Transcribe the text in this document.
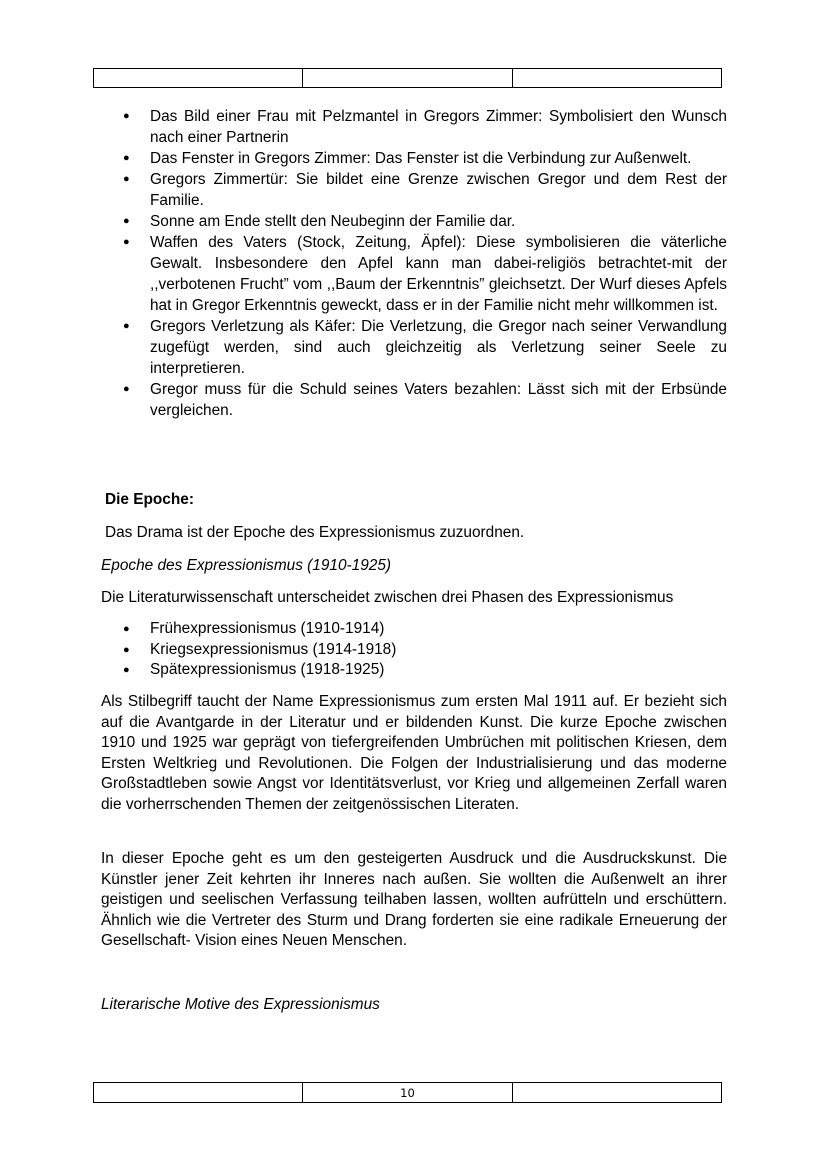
● Das Bild einer Frau mit Pelzmantel in Gregors Zimmer: Symbolisiert den Wunsch nach einer Partnerin
● Das Fenster in Gregors Zimmer: Das Fenster ist die Verbindung zur Außenwelt.
● Gregors Zimmertür: Sie bildet eine Grenze zwischen Gregor und dem Rest der Familie.
● Sonne am Ende stellt den Neubeginn der Familie dar.
● Waffen des Vaters (Stock, Zeitung, Äpfel): Diese symbolisieren die väterliche Gewalt. Insbesondere den Apfel kann man dabei-religiös betrachtet-mit der ,,verbotenen Frucht” vom ,,Baum der Erkenntnis” gleichsetzt. Der Wurf dieses Apfels hat in Gregor Erkenntnis geweckt, dass er in der Familie nicht mehr willkommen ist.
● Gregors Verletzung als Käfer: Die Verletzung, die Gregor nach seiner Verwandlung zugefügt werden, sind auch gleichzeitig als Verletzung seiner Seele zu interpretieren.
● Gregor muss für die Schuld seines Vaters bezahlen: Lässt sich mit der Erbsünde vergleichen.
Die Epoche:
Das Drama ist der Epoche des Expressionismus zuzuordnen.
Epoche des Expressionismus (1910-1925)
Die Literaturwissenschaft unterscheidet zwischen drei Phasen des Expressionismus
● Frühexpressionismus (1910-1914)
● Kriegsexpressionismus (1914-1918)
● Spätexpressionismus (1918-1925)
Als Stilbegriff taucht der Name Expressionismus zum ersten Mal 1911 auf. Er bezieht sich auf die Avantgarde in der Literatur und er bildenden Kunst. Die kurze Epoche zwischen 1910 und 1925 war geprägt von tiefergreifenden Umbrüchen mit politischen Kriesen, dem Ersten Weltkrieg und Revolutionen. Die Folgen der Industrialisierung und das moderne Großstadtleben sowie Angst vor Identitätsverlust, vor Krieg und allgemeinen Zerfall waren die vorherrschenden Themen der zeitgenössischen Literaten.
In dieser Epoche geht es um den gesteigerten Ausdruck und die Ausdruckskunst. Die Künstler jener Zeit kehrten ihr Inneres nach außen. Sie wollten die Außenwelt an ihrer geistigen und seelischen Verfassung teilhaben lassen, wollten aufrütteln und erschüttern. Ähnlich wie die Vertreter des Sturm und Drang forderten sie eine radikale Erneuerung der Gesellschaft- Vision eines Neuen Menschen.
Literarische Motive des Expressionismus
	10	
